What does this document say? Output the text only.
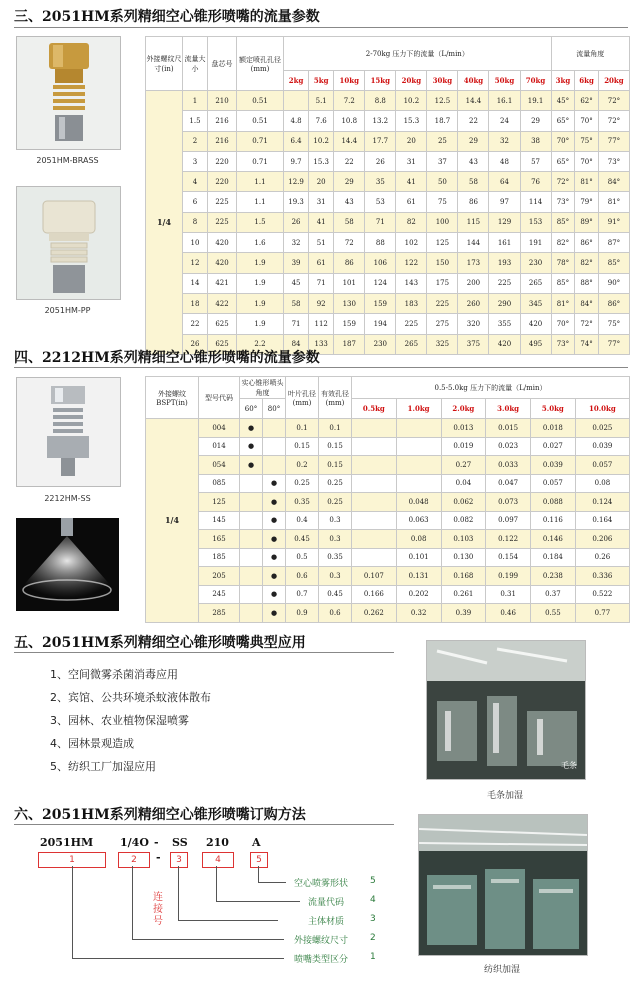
三、2051HM系列精细空心锥形喷嘴的流量参数
2051HM-BRASS
2051HM-PP
外接螺纹尺寸(in)	流量大小	盘芯号	额定喷孔孔径(mm)	2-70kg 压力下的流量（L/min）									流量角度		
				2kg	5kg	10kg	15kg	20kg	30kg	40kg	50kg	70kg	3kg	6kg	20kg
1/4	1	210	0.51		5.1	7.2	8.8	10.2	12.5	14.4	16.1	19.1	45°	62°	72°
	1.5	216	0.51	4.8	7.6	10.8	13.2	15.3	18.7	22	24	29	65°	70°	72°
	2	216	0.71	6.4	10.2	14.4	17.7	20	25	29	32	38	70°	75°	77°
	3	220	0.71	9.7	15.3	22	26	31	37	43	48	57	65°	70°	73°
	4	220	1.1	12.9	20	29	35	41	50	58	64	76	72°	81°	84°
	6	225	1.1	19.3	31	43	53	61	75	86	97	114	73°	79°	81°
	8	225	1.5	26	41	58	71	82	100	115	129	153	85°	89°	91°
	10	420	1.6	32	51	72	88	102	125	144	161	191	82°	86°	87°
	12	420	1.9	39	61	86	106	122	150	173	193	230	78°	82°	85°
	14	421	1.9	45	71	101	124	143	175	200	225	265	85°	88°	90°
	18	422	1.9	58	92	130	159	183	225	260	290	345	81°	84°	86°
	22	625	1.9	71	112	159	194	225	275	320	355	420	70°	72°	75°
	26	625	2.2	84	133	187	230	265	325	375	420	495	73°	74°	77°
四、2212HM系列精细空心锥形喷嘴的流量参数
2212HM-SS
外接螺纹BSPT(in)	型号代码	实心锥形喷头角度		叶片孔径(mm)	有效孔径(mm)	0.5-5.0kg 压力下的流量（L/min）					
		60°	80°			0.5kg	1.0kg	2.0kg	3.0kg	5.0kg	10.0kg
1/4	004	●		0.1	0.1			0.013	0.015	0.018	0.025
	014	●		0.15	0.15			0.019	0.023	0.027	0.039
	054	●		0.2	0.15			0.27	0.033	0.039	0.057
	085		●	0.25	0.25			0.04	0.047	0.057	0.08
	125		●	0.35	0.25		0.048	0.062	0.073	0.088	0.124
	145		●	0.4	0.3		0.063	0.082	0.097	0.116	0.164
	165		●	0.45	0.3		0.08	0.103	0.122	0.146	0.206
	185		●	0.5	0.35		0.101	0.130	0.154	0.184	0.26
	205		●	0.6	0.3	0.107	0.131	0.168	0.199	0.238	0.336
	245		●	0.7	0.45	0.166	0.202	0.261	0.31	0.37	0.522
	285		●	0.9	0.6	0.262	0.32	0.39	0.46	0.55	0.77
五、2051HM系列精细空心锥形喷嘴典型应用
1、空间微雾杀菌消毒应用
2、宾馆、公共环境杀蚊液体散布
3、园林、农业植物保湿喷雾
4、园林景观造成
5、纺织工厂加湿应用	毛条
毛条加湿
六、2051HM系列精细空心锥形喷嘴订购方法
2051HM 1/4O - SS 210 A
1	2	-	3	4	5
连接号
空心喷雾形状 5
流量代码	4
主体材质	3
外接螺纹尺寸 2
喷嘴类型区分 1
纺织加湿
